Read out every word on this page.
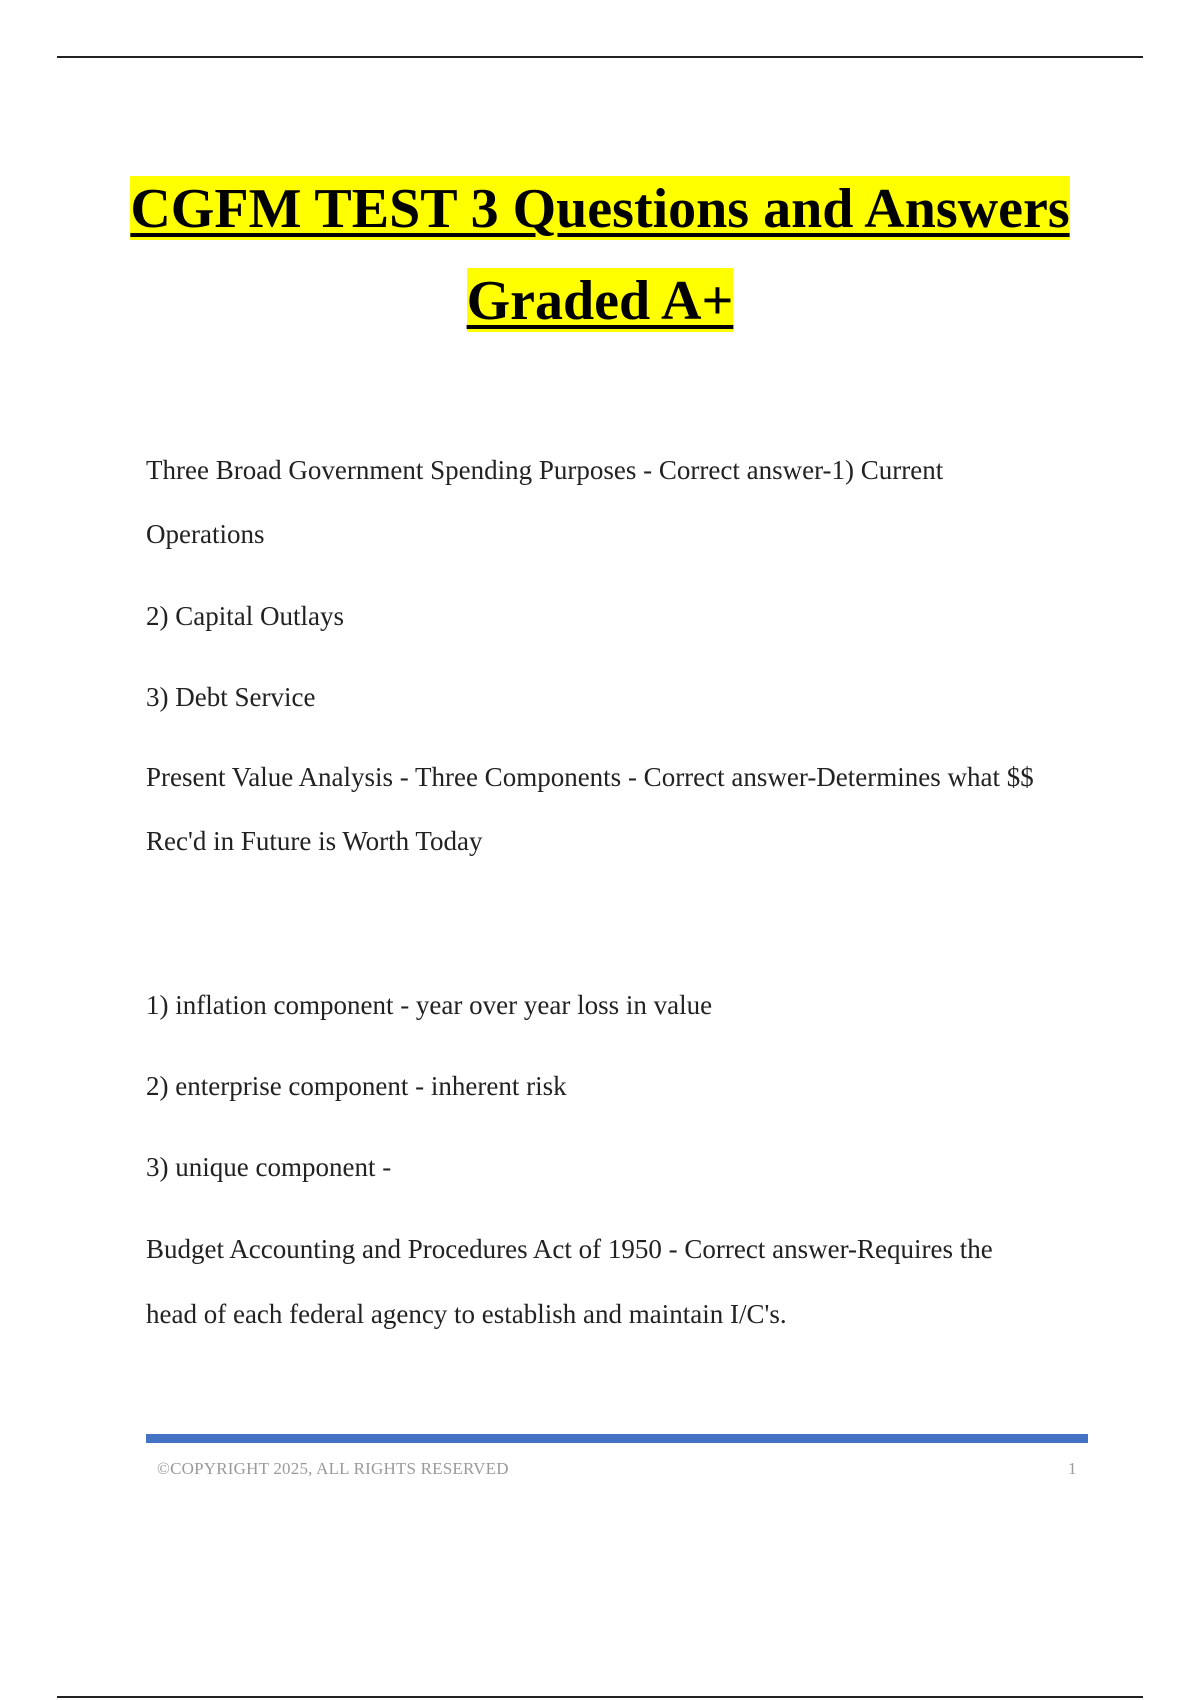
CGFM TEST 3 Questions and Answers
Graded A+
Three Broad Government Spending Purposes - Correct answer-1) Current
Operations
2) Capital Outlays
3) Debt Service
Present Value Analysis - Three Components - Correct answer-Determines what $$
Rec'd in Future is Worth Today
1) inflation component - year over year loss in value
2) enterprise component - inherent risk
3) unique component -
Budget Accounting and Procedures Act of 1950 - Correct answer-Requires the
head of each federal agency to establish and maintain I/C's.
©COPYRIGHT 2025, ALL RIGHTS RESERVED	1
